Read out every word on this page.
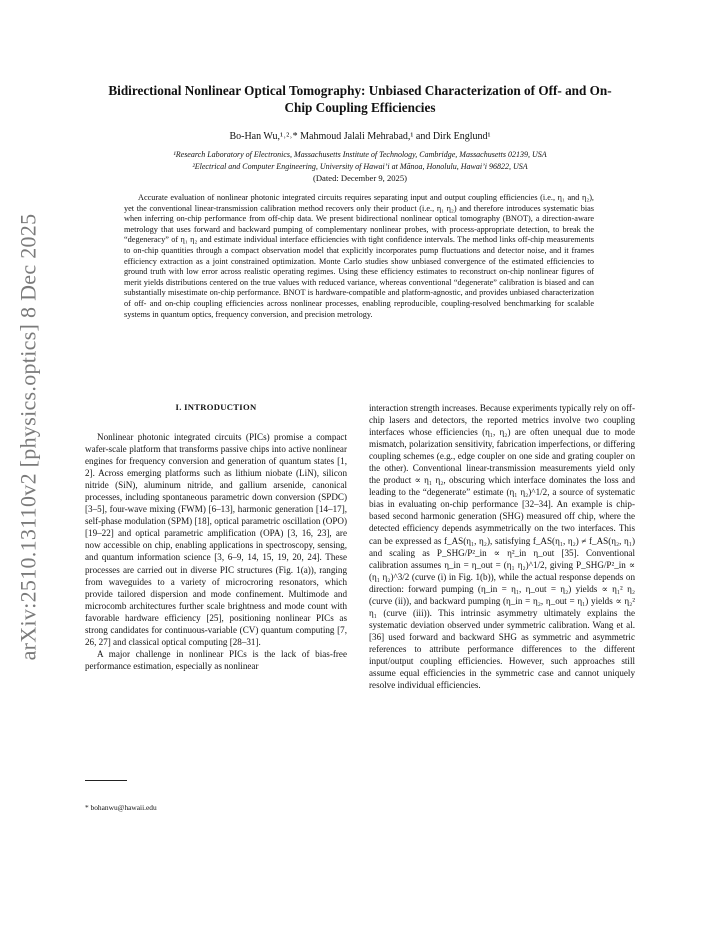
arXiv:2510.13110v2 [physics.optics] 8 Dec 2025
Bidirectional Nonlinear Optical Tomography: Unbiased Characterization of Off- and On-Chip Coupling Efficiencies
Bo-Han Wu,¹˒²˒* Mahmoud Jalali Mehrabad,¹ and Dirk Englund¹
¹Research Laboratory of Electronics, Massachusetts Institute of Technology, Cambridge, Massachusetts 02139, USA
²Electrical and Computer Engineering, University of Hawai’i at Mānoa, Honolulu, Hawai’i 96822, USA
(Dated: December 9, 2025)

Accurate evaluation of nonlinear photonic integrated circuits requires separating input and output coupling efficiencies (i.e., η₁ and η₂), yet the conventional linear-transmission calibration method recovers only their product (i.e., η₁ η₂) and therefore introduces systematic bias when inferring on-chip performance from off-chip data. We present bidirectional nonlinear optical tomography (BNOT), a direction-aware metrology that uses forward and backward pumping of complementary nonlinear probes, with process-appropriate detection, to break the “degeneracy” of η₁ η₂ and estimate individual interface efficiencies with tight confidence intervals. The method links off-chip measurements to on-chip quantities through a compact observation model that explicitly incorporates pump fluctuations and detector noise, and it frames efficiency extraction as a joint constrained optimization. Monte Carlo studies show unbiased convergence of the estimated efficiencies to ground truth with low error across realistic operating regimes. Using these efficiency estimates to reconstruct on-chip nonlinear figures of merit yields distributions centered on the true values with reduced variance, whereas conventional “degenerate” calibration is biased and can substantially misestimate on-chip performance. BNOT is hardware-compatible and platform-agnostic, and provides unbiased characterization of off- and on-chip coupling efficiencies across nonlinear processes, enabling reproducible, coupling-resolved benchmarking for scalable systems in quantum optics, frequency conversion, and precision metrology.

I. INTRODUCTION

Nonlinear photonic integrated circuits (PICs) promise a compact wafer-scale platform that transforms passive chips into active nonlinear engines for frequency conversion and generation of quantum states [1, 2]. Across emerging platforms such as lithium niobate (LiN), silicon nitride (SiN), aluminum nitride, and gallium arsenide, canonical processes, including spontaneous parametric down conversion (SPDC) [3–5], four-wave mixing (FWM) [6–13], harmonic generation [14–17], self-phase modulation (SPM) [18], optical parametric oscillation (OPO) [19–22] and optical parametric amplification (OPA) [3, 16, 23], are now accessible on chip, enabling applications in spectroscopy, sensing, and quantum information science [3, 6–9, 14, 15, 19, 20, 24]. These processes are carried out in diverse PIC structures (Fig. 1(a)), ranging from waveguides to a variety of microcroring resonators, which provide tailored dispersion and mode confinement. Multimode and microcomb architectures further scale brightness and mode count with favorable hardware efficiency [25], positioning nonlinear PICs as strong candidates for continuous-variable (CV) quantum computing [7, 26, 27] and classical optical computing [28–31].

A major challenge in nonlinear PICs is the lack of bias-free performance estimation, especially as nonlinear

interaction strength increases. Because experiments typically rely on off-chip lasers and detectors, the reported metrics involve two coupling interfaces whose efficiencies (η₁, η₂) are often unequal due to mode mismatch, polarization sensitivity, fabrication imperfections, or differing coupling schemes (e.g., edge coupler on one side and grating coupler on the other). Conventional linear-transmission measurements yield only the product ∝ η₁ η₂, obscuring which interface dominates the loss and leading to the “degenerate” estimate (η₁ η₂)^1/2, a source of systematic bias in evaluating on-chip performance [32–34]. An example is chip-based second harmonic generation (SHG) measured off chip, where the detected efficiency depends asymmetrically on the two interfaces. This can be expressed as f_AS(η₁, η₂), satisfying f_AS(η₁, η₂) ≠ f_AS(η₂, η₁) and scaling as P_SHG/P²_in ∝ η²_in η_out [35]. Conventional calibration assumes η_in = η_out = (η₁ η₂)^1/2, giving P_SHG/P²_in ∝ (η₁ η₂)^3/2 (curve (i) in Fig. 1(b)), while the actual response depends on direction: forward pumping (η_in = η₁, η_out = η₂) yields ∝ η₁² η₂ (curve (ii)), and backward pumping (η_in = η₂, η_out = η₁) yields ∝ η₂² η₁ (curve (iii)). This intrinsic asymmetry ultimately explains the systematic deviation observed under symmetric calibration. Wang et al. [36] used forward and backward SHG as symmetric and asymmetric references to attribute performance differences to the different input/output coupling efficiencies. However, such approaches still assume equal efficiencies in the symmetric case and cannot uniquely resolve individual efficiencies.

* bohanwu@hawaii.edu
